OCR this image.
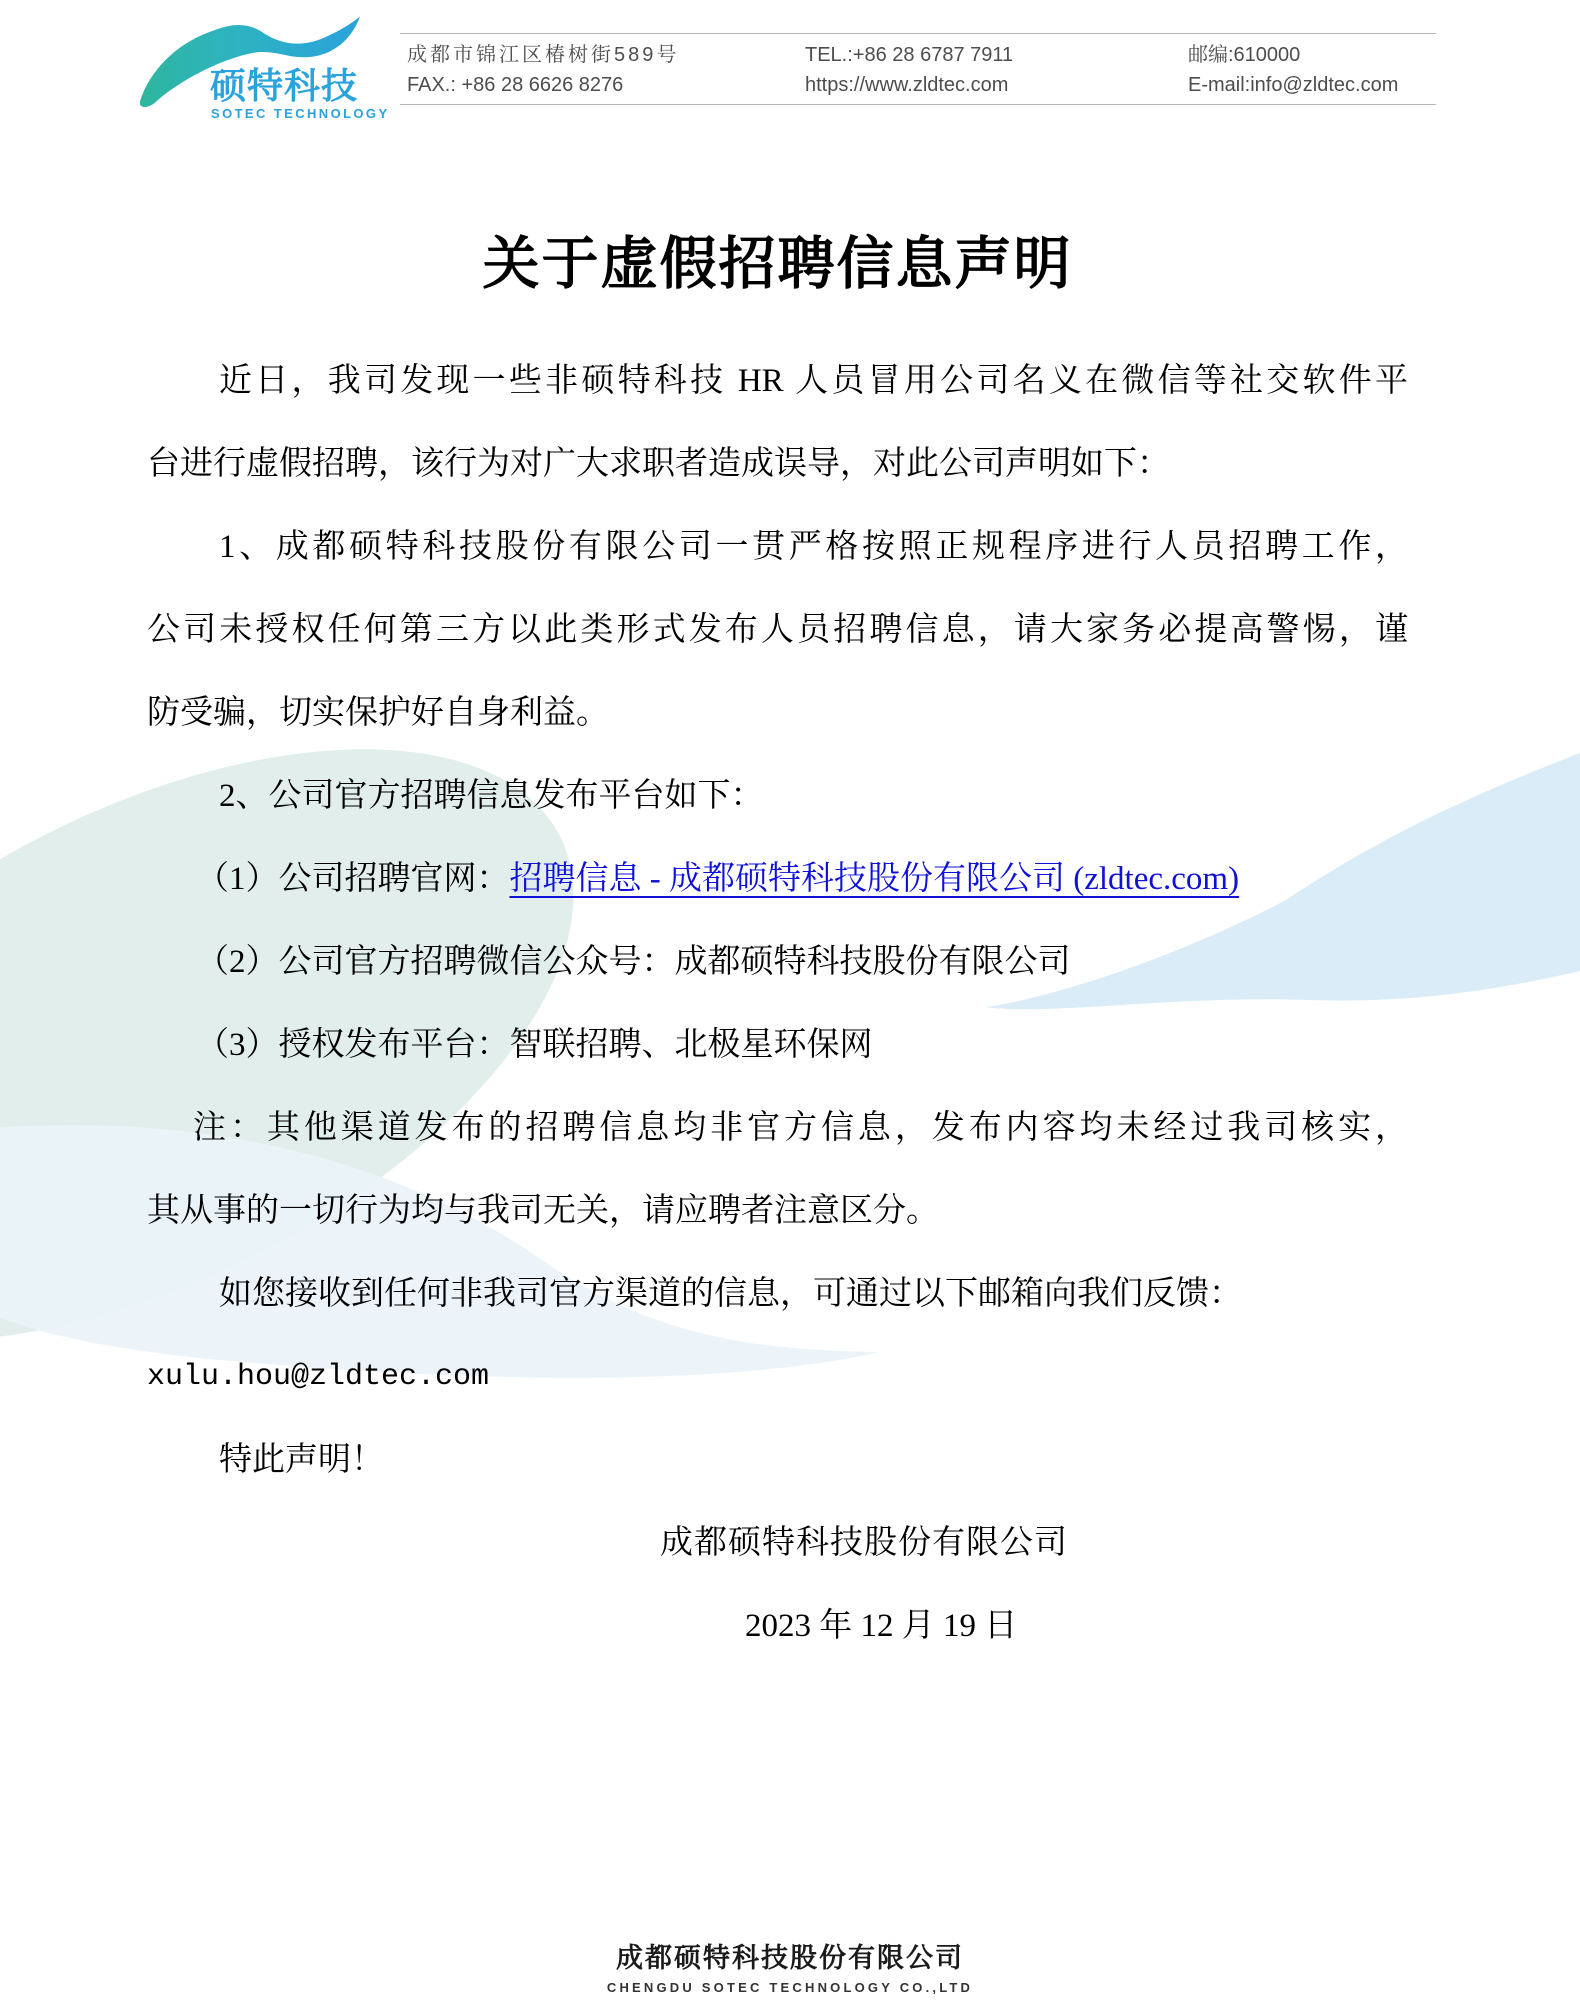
硕特科技
SOTEC TECHNOLOGY
成都市锦江区椿树街589号
FAX.: +86 28 6626 8276
TEL.:+86 28 6787 7911
https://www.zldtec.com
邮编:610000
E-mail:info@zldtec.com
关于虚假招聘信息声明
近日，我司发现一些非硕特科技 HR 人员冒用公司名义在微信等社交软件平
台进行虚假招聘，该行为对广大求职者造成误导，对此公司声明如下：
1、成都硕特科技股份有限公司一贯严格按照正规程序进行人员招聘工作，
公司未授权任何第三方以此类形式发布人员招聘信息，请大家务必提高警惕，谨
防受骗，切实保护好自身利益。
2、公司官方招聘信息发布平台如下：
（1）公司招聘官网：招聘信息 - 成都硕特科技股份有限公司 (zldtec.com)
（2）公司官方招聘微信公众号：成都硕特科技股份有限公司
（3）授权发布平台：智联招聘、北极星环保网
注：其他渠道发布的招聘信息均非官方信息，发布内容均未经过我司核实，
其从事的一切行为均与我司无关，请应聘者注意区分。
如您接收到任何非我司官方渠道的信息，可通过以下邮箱向我们反馈：
xulu.hou@zldtec.com
特此声明！
成都硕特科技股份有限公司
2023 年 12 月 19 日
成都硕特科技股份有限公司
CHENGDU SOTEC TECHNOLOGY CO.,LTD
